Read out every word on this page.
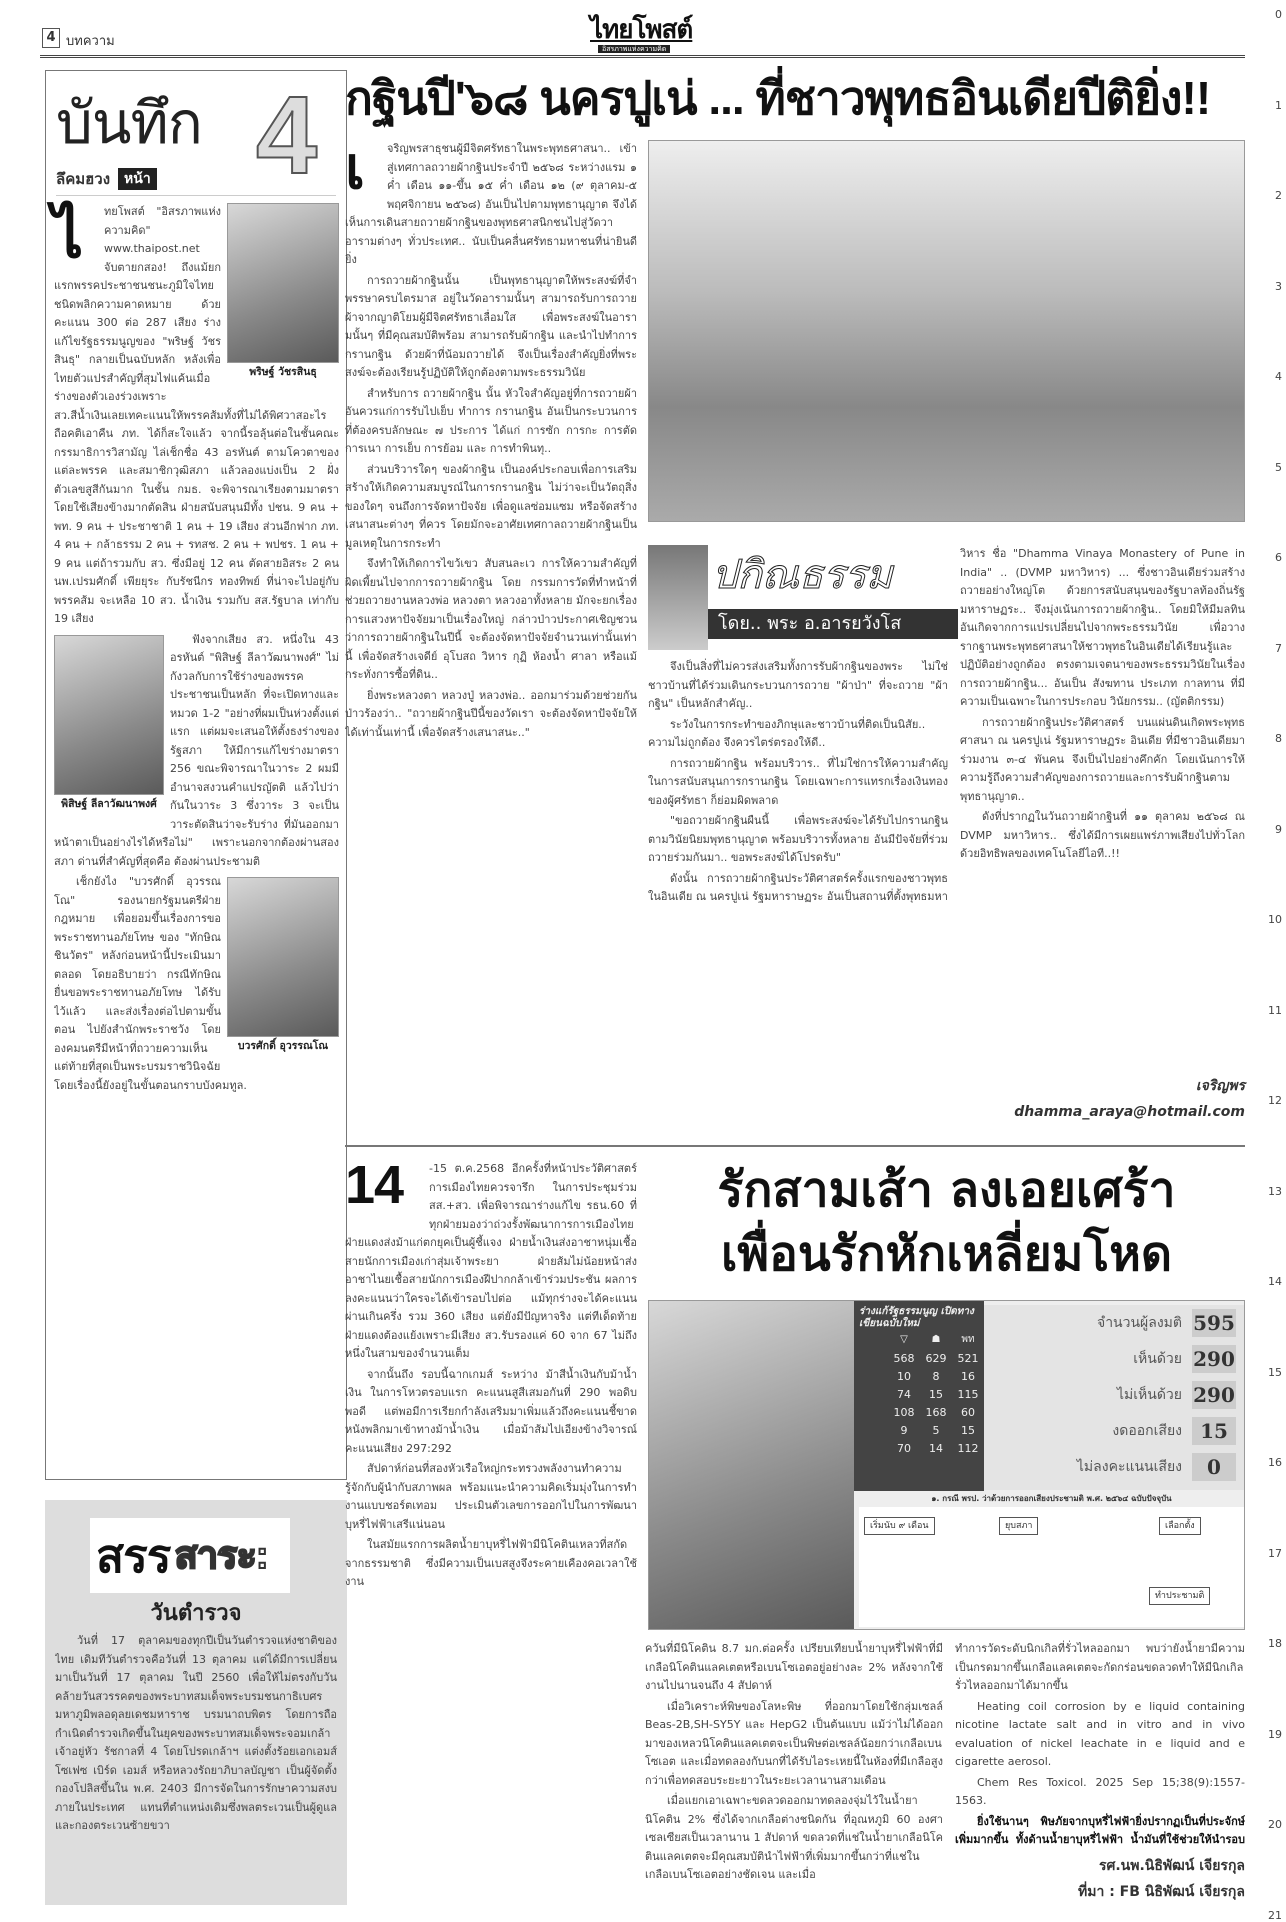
4 บทความ	ไทยโพสต์
อิสรภาพแห่งความคิด
บันทึก
ลึคมฮวง	หน้า 4
ไ
พริษฐ์ วัชรสินธุ

ทยโพสต์ "อิสรภาพแห่งความคิด" www.thaipost.net จับตายกสอง! ถึงแม้ยกแรกพรรคประชาชนชนะภูมิใจไทยชนิดพลิกความคาดหมาย ด้วยคะแนน 300 ต่อ 287 เสียง ร่างแก้ไขรัฐธรรมนูญของ "พริษฐ์ วัชรสินธุ" กลายเป็นฉบับหลัก หลังเพื่อไทยตัวแปรสำคัญที่สุมไฟแค้นเมื่อร่างของตัวเองร่วงเพราะ สว.สีน้ำเงินเลยเทคะแนนให้พรรคส้มทั้งที่ไม่ได้พิศวาสอะไร ถือคติเอาคืน ภท. ได้ก็สะใจแล้ว จากนี้รอลุ้นต่อในชั้นคณะกรรมาธิการวิสามัญ ไล่เช็กชื่อ 43 อรหันต์ ตามโควตาของแต่ละพรรค และสมาชิกวุฒิสภา แล้วลองแบ่งเป็น 2 ฝั่ง ตัวเลขสูสีกันมาก ในชั้น กมธ. จะพิจารณาเรียงตามมาตรา โดยใช้เสียงข้างมากตัดสิน ฝ่ายสนับสนุนมีทั้ง ปชน. 9 คน + พท. 9 คน + ประชาชาติ 1 คน + 19 เสียง ส่วนอีกฟาก ภท. 4 คน + กล้าธรรม 2 คน + รทสช. 2 คน + พปชร. 1 คน + 9 คน แต่ถ้ารวมกับ สว. ซึ่งมีอยู่ 12 คน ตัดสายอิสระ 2 คน นพ.เปรมศักดิ์ เพียยุระ กับรัชนีกร ทองทิพย์ ที่น่าจะไปอยู่กับพรรคส้ม จะเหลือ 10 สว. น้ำเงิน รวมกับ สส.รัฐบาล เท่ากับ 19 เสียง

พิสิษฐ์ ลีลาวัฒนาพงศ์

ฟังจากเสียง สว. หนึ่งใน 43 อรหันต์ "พิสิษฐ์ ลีลาวัฒนาพงศ์" ไม่กังวลกับการใช้ร่างของพรรคประชาชนเป็นหลัก ที่จะเปิดทางและหมวด 1-2 "อย่างที่ผมเป็นห่วงตั้งแต่แรก แต่ผมจะเสนอให้ตั้งธงร่างของรัฐสภา ให้มีการแก้ไขร่างมาตรา 256 ขณะพิจารณาในวาระ 2 ผมมีอำนาจสงวนคำแปรญัตติ แล้วไปว่ากันในวาระ 3 ซึ่งวาระ 3 จะเป็นวาระตัดสินว่าจะรับร่าง ที่มันออกมาหน้าตาเป็นอย่างไรได้หรือไม่" เพราะนอกจากต้องผ่านสองสภา ด่านที่สำคัญที่สุดคือ ต้องผ่านประชามติ

บวรศักดิ์ อุวรรณโณ

เช็กยังไง "บวรศักดิ์ อุวรรณโณ" รองนายกรัฐมนตรีฝ่ายกฎหมาย เพื่อยอมขึ้นเรื่องการขอพระราชทานอภัยโทษ ของ "ทักษิณ ชินวัตร" หลังก่อนหน้านี้ประเมินมาตลอด โดยอธิบายว่า กรณีทักษิณยื่นขอพระราชทานอภัยโทษ ได้รับไว้แล้ว และส่งเรื่องต่อไปตามขั้นตอน ไปยังสำนักพระราชวัง โดยองคมนตรีมีหน้าที่ถวายความเห็น แต่ท้ายที่สุดเป็นพระบรมราชวินิจฉัย โดยเรื่องนี้ยังอยู่ในขั้นตอนกราบบังคมทูล.

สรร สาระ:
วันตำรวจ

วันที่ 17 ตุลาคมของทุกปีเป็นวันตำรวจแห่งชาติของไทย เดิมทีวันตำรวจคือวันที่ 13 ตุลาคม แต่ได้มีการเปลี่ยนมาเป็นวันที่ 17 ตุลาคม ในปี 2560 เพื่อให้ไม่ตรงกับวันคล้ายวันสวรรคตของพระบาทสมเด็จพระบรมชนกาธิเบศร มหาภูมิพลอดุลยเดชมหาราช บรมนาถบพิตร โดยการถือกำเนิดตำรวจเกิดขึ้นในยุคของพระบาทสมเด็จพระจอมเกล้าเจ้าอยู่หัว รัชกาลที่ 4 โดยโปรดเกล้าฯ แต่งตั้งร้อยเอกเอมส์ โซเฟซ เบิร์ด เอมส์ หรือหลวงรัถยาภิบาลบัญชา เป็นผู้จัดตั้งกองโปลิสขึ้นใน พ.ศ. 2403 มีการจัดในการรักษาความสงบภายในประเทศ แทนที่ตำแหน่งเดิมซึ่งพลตระเวนเป็นผู้ดูแล และกองตระเวนซ้ายขวา

กฐินปี'๖๘ นครปูเน่ ... ที่ชาวพุทธอินเดียปีติยิ่ง!!
เ	จริญพรสาธุชนผู้มีจิตศรัทธาในพระพุทธศาสนา.. เข้าสู่เทศกาลถวายผ้ากฐินประจำปี ๒๕๖๘ ระหว่างแรม ๑ ค่ำ เดือน ๑๑-ขึ้น ๑๕ ค่ำ เดือน ๑๒ (๙ ตุลาคม-๕ พฤศจิกายน ๒๕๖๘) อันเป็นไปตามพุทธานุญาต จึงได้เห็นการเดินสายถวายผ้ากฐินของพุทธศาสนิกชนไปสู่วัดวาอารามต่างๆ ทั่วประเทศ.. นับเป็นคลื่นศรัทธามหาชนที่น่ายินดียิ่ง

การถวายผ้ากฐินนั้น เป็นพุทธานุญาตให้พระสงฆ์ที่จำพรรษาครบไตรมาส อยู่ในวัดอารามนั้นๆ สามารถรับการถวายผ้าจากญาติโยมผู้มีจิตศรัทธาเลื่อมใส เพื่อพระสงฆ์ในอารามนั้นๆ ที่มีคุณสมบัติพร้อม สามารถรับผ้ากฐิน และนำไปทำการ กรานกฐิน ด้วยผ้าที่น้อมถวายได้ จึงเป็นเรื่องสำคัญยิ่งที่พระสงฆ์จะต้องเรียนรู้ปฏิบัติให้ถูกต้องตามพระธรรมวินัย

สำหรับการ ถวายผ้ากฐิน นั้น หัวใจสำคัญอยู่ที่การถวายผ้าอันควรแก่การรับไปเย็บ ทำการ กรานกฐิน อันเป็นกระบวนการที่ต้องครบลักษณะ ๗ ประการ ได้แก่ การซัก การกะ การตัด การเนา การเย็บ การย้อม และ การทำพินทุ..

ส่วนบริวารใดๆ ของผ้ากฐิน เป็นองค์ประกอบเพื่อการเสริมสร้างให้เกิดความสมบูรณ์ในการกรานกฐิน ไม่ว่าจะเป็นวัตถุสิ่งของใดๆ จนถึงการจัดหาปัจจัย เพื่อดูแลซ่อมแซม หรือจัดสร้างเสนาสนะต่างๆ ที่ควร โดยมักจะอาศัยเทศกาลถวายผ้ากฐินเป็นมูลเหตุในการกระทำ

จึงทำให้เกิดการไขว้เขว สับสนละเว การให้ความสำคัญที่ผิดเพี้ยนไปจากการถวายผ้ากฐิน โดย กรรมการวัดที่ทำหน้าที่ช่วยถวายงานหลวงพ่อ หลวงตา หลวงอาทั้งหลาย มักจะยกเรื่องการแสวงหาปัจจัยมาเป็นเรื่องใหญ่ กล่าวป่าวประกาศเชิญชวน ว่าการถวายผ้ากฐินในปีนี้ จะต้องจัดหาปัจจัยจำนวนเท่านั้นเท่านี้ เพื่อจัดสร้างเจดีย์ อุโบสถ วิหาร กุฏิ ห้องน้ำ ศาลา หรือแม้กระทั่งการซื้อที่ดิน..

ยิ่งพระหลวงตา หลวงปู่ หลวงพ่อ.. ออกมาร่วมด้วยช่วยกันป่าวร้องว่า.. "ถวายผ้ากฐินปีนี้ของวัดเรา จะต้องจัดหาปัจจัยให้ได้เท่านั้นเท่านี้ เพื่อจัดสร้างเสนาสนะ.."

ปกิณธรรม
โดย.. พระ อ.อารยวังโส

จึงเป็นสิ่งที่ไม่ควรส่งเสริมทั้งการรับผ้ากฐินของพระ ไม่ใช่ชาวบ้านที่ได้ร่วมเดินกระบวนการถวาย "ผ้าป่า" ที่จะถวาย "ผ้ากฐิน" เป็นหลักสำคัญ..

ระวังในการกระทำของภิกษุและชาวบ้านที่ติดเป็นนิสัย.. ความไม่ถูกต้อง จึงควรไตร่ตรองให้ดี..

การถวายผ้ากฐิน พร้อมบริวาร.. ที่ไม่ใช่การให้ความสำคัญในการสนับสนุนการกรานกฐิน โดยเฉพาะการแทรกเรื่องเงินทองของผู้ศรัทธา ก็ย่อมผิดพลาด

"ขอถวายผ้ากฐินผืนนี้ เพื่อพระสงฆ์จะได้รับไปกรานกฐิน ตามวินัยนิยมพุทธานุญาต พร้อมบริวารทั้งหลาย อันมีปัจจัยที่ร่วมถวายร่วมกันมา.. ขอพระสงฆ์ได้โปรดรับ"

ดังนั้น การถวายผ้ากฐินประวัติศาสตร์ครั้งแรกของชาวพุทธในอินเดีย ณ นครปูเน่ รัฐมหาราษฏระ อันเป็นสถานที่ตั้งพุทธมหา

วิหาร ชื่อ "Dhamma Vinaya Monastery of Pune in India" .. (DVMP มหาวิหาร) ... ซึ่งชาวอินเดียร่วมสร้างถวายอย่างใหญ่โต ด้วยการสนับสนุนของรัฐบาลท้องถิ่นรัฐมหาราษฏระ.. จึงมุ่งเน้นการถวายผ้ากฐิน.. โดยมิให้มีมลทิน อันเกิดจากการแปรเปลี่ยนไปจากพระธรรมวินัย เพื่อวางรากฐานพระพุทธศาสนาให้ชาวพุทธในอินเดียได้เรียนรู้และปฏิบัติอย่างถูกต้อง ตรงตามเจตนาของพระธรรมวินัยในเรื่องการถวายผ้ากฐิน... อันเป็น สังฆทาน ประเภท กาลทาน ที่มีความเป็นเฉพาะในการประกอบ วินัยกรรม.. (ญัตติกรรม)

การถวายผ้ากฐินประวัติศาสตร์ บนแผ่นดินเกิดพระพุทธศาสนา ณ นครปูเน่ รัฐมหาราษฏระ อินเดีย ที่มีชาวอินเดียมา ร่วมงาน ๓-๔ พันคน จึงเป็นไปอย่างคึกคัก โดยเน้นการให้ความรู้ถึงความสำคัญของการถวายและการรับผ้ากฐินตามพุทธานุญาต..

ดังที่ปรากฏในวันถวายผ้ากฐินที่ ๑๑ ตุลาคม ๒๕๖๘ ณ DVMP มหาวิหาร.. ซึ่งได้มีการเผยแพร่ภาพเสียงไปทั่วโลกด้วยอิทธิพลของเทคโนโลยีไอที..!!

เจริญพร
dhamma_araya@hotmail.com
14	-15 ต.ค.2568 อีกครั้งที่หน้าประวัติศาสตร์การเมืองไทยควรจารึก ในการประชุมร่วม สส.+สว. เพื่อพิจารณาร่างแก้ไข รธน.60 ที่ทุกฝ่ายมองว่าถ่วงรั้งพัฒนาการการเมืองไทย ฝ่ายแดงส่งม้าแก่ตกยุคเป็นผู้ชี้แจง ฝ่ายน้ำเงินส่งอาชาหนุ่มเชื้อสายนักการเมืองเก่าสุ่มเจ้าพระยา ฝ่ายส้มไม่น้อยหน้าส่งอาชาไนยเชื้อสายนักการเมืองฝีปากกล้าเข้าร่วมประชัน ผลการลงคะแนนว่าใครจะได้เข้ารอบไปต่อ แม้ทุกร่างจะได้คะแนนผ่านเกินครึ่ง รวม 360 เสียง แต่ยังมีปัญหาจริง แต่ทีเด็ดท้าย ฝ่ายแดงต้องแย้งเพราะมีเสียง สว.รับรองแค่ 60 จาก 67 ไม่ถึงหนึ่งในสามของจำนวนเต็ม

จากนั้นถึง รอบนี้ฉากเกมส์ ระหว่าง ม้าสีน้ำเงินกับม้าน้ำเงิน ในการโหวตรอบแรก คะแนนสูสีเสมอกันที่ 290 พอดิบพอดี แต่พอมีการเรียกกำลังเสริมมาเพิ่มแล้วถึงคะแนนชี้ขาด หนังพลิกมาเข้าทางม้าน้ำเงิน เมื่อม้าส้มไปเอียงข้างวิจารณ์ คะแนนเสียง 297:292

สัปดาห์ก่อนที่สองหัวเรือใหญ่กระทรวงพลังงานทำความรู้จักกับผู้นำกับสภาพผล พร้อมแนะนำความคิดเริ่มมุ่งในการทำงานแบบชอร์ตเทอม ประเมินตัวเลขการออกไปในการพัฒนาบุหรี่ไฟฟ้าเสรีแน่นอน

ในสมัยแรกการผลิตน้ำยาบุหรี่ไฟฟ้ามีนิโคตินเหลวที่สกัดจากธรรมชาติ ซึ่งมีความเป็นเบสสูงจึงระคายเคืองคอเวลาใช้งาน

รักสามเส้า ลงเอยเศร้า
เพื่อนรักหักเหลี่ยมโหด
ร่างแก้รัฐธรรมนูญ เปิดทางเขียนฉบับใหม่
▽	☗	พท
568 629 521
10	8	16
74	15	115
108 168	60
9	5	15
70	14	112
จำนวนผู้ลงมติ 595
เห็นด้วย 290
ไม่เห็นด้วย 290
งดออกเสียง 15
ไม่ลงคะแนนเสียง	0
๑. กรณี พรป. ว่าด้วยการออกเสียงประชามติ พ.ศ. ๒๕๖๔ ฉบับปัจจุบัน
เริ่มนับ ๙ เดือน	ยุบสภา	เลือกตั้ง
ทำประชามติ

ควันที่มีนิโคติน 8.7 มก.ต่อครั้ง เปรียบเทียบน้ำยาบุหรี่ไฟฟ้าที่มีเกลือนิโคตินแลคเตตหรือเบนโซเอตอยู่อย่างละ 2% หลังจากใช้งานไปนานจนถึง 4 สัปดาห์

เมื่อวิเคราะห์พิษของโลหะพิษ ที่ออกมาโดยใช้กลุ่มเซลล์ Beas-2B,SH-SY5Y และ HepG2 เป็นต้นแบบ แม้ว่าไม่ได้ออกมาของเหลวนิโคตินแลคเตตจะเป็นพิษต่อเซลล์น้อยกว่าเกลือเบนโซเอต และเมื่อทดลองกับนกที่ได้รับไอระเหยนี้ในห้องที่มีเกลือสูงกว่าเพื่อทดสอบระยะยาวในระยะเวลานานสามเดือน

เมื่อแยกเอาเฉพาะขดลวดออกมาทดลองจุ่มไว้ในน้ำยานิโคติน 2% ซึ่งได้จากเกลือต่างชนิดกัน ที่อุณหภูมิ 60 องศาเซลเซียสเป็นเวลานาน 1 สัปดาห์ ขดลวดที่แช่ในน้ำยาเกลือนิโคตินแลคเตตจะมีคุณสมบัตินำไฟฟ้าที่เพิ่มมากขึ้นกว่าที่แช่ในเกลือเบนโซเอตอย่างชัดเจน และเมื่อ

ทำการวัดระดับนิกเกิลที่รั่วไหลออกมา พบว่ายังน้ำยามีความเป็นกรดมากขึ้นเกลือแลคเตตจะกัดกร่อนขดลวดทำให้มีนิกเกิลรั่วไหลออกมาได้มากขึ้น

Heating coil corrosion by e liquid containing nicotine lactate salt and in vitro and in vivo evaluation of nickel leachate in e liquid and e cigarette aerosol.

Chem Res Toxicol. 2025 Sep 15;38(9):1557-1563.

ยิ่งใช้นานๆ พิษภัยจากบุหรี่ไฟฟ้ายิ่งปรากฏเป็นที่ประจักษ์เพิ่มมากขึ้น ทั้งด้านน้ำยาบุหรี่ไฟฟ้า น้ำมันที่ใช้ช่วยให้นำรอบ

รศ.นพ.นิธิพัฒน์ เจียรกุล
ที่มา : FB นิธิพัฒน์ เจียรกุล
0
1
2
3
4
5
6
7
8
9
10
11
12
13
14
15
16
17
18
19
20
21
